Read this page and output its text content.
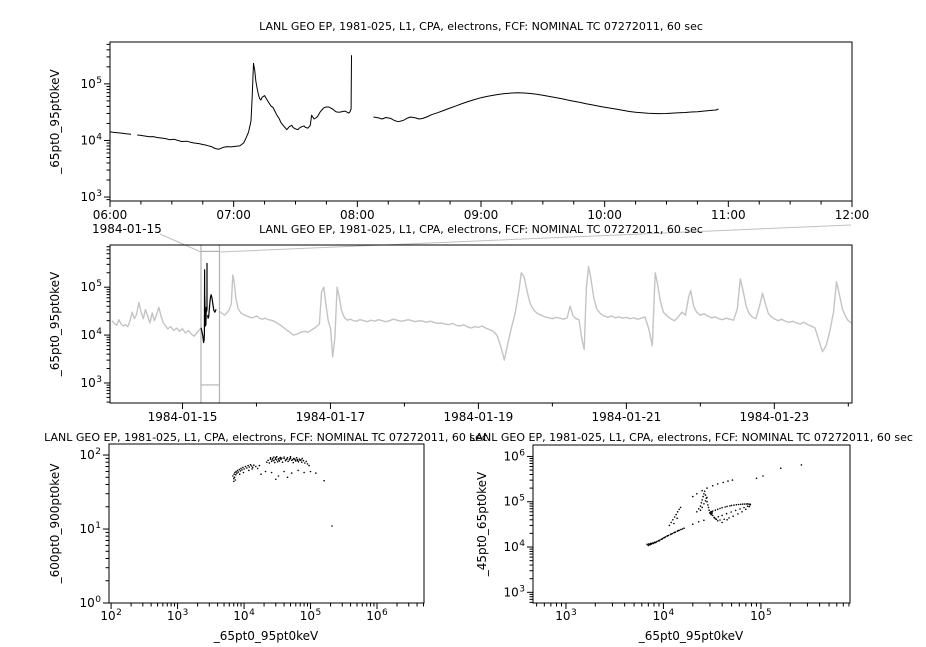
$10^3$
$10^4$
$10^5$
06:00	07:00	08:00	09:00	10:00	11:00	12:00
LANL GEO EP, 1981-025, L1, CPA, electrons, FCF: NOMINAL TC 07272011, 60 sec
_65pt0_95pt0keV
1984-01-15
$10^3$
$10^4$
$10^5$
1984-01-15	1984-01-17	1984-01-19	1984-01-21	1984-01-23
LANL GEO EP, 1981-025, L1, CPA, electrons, FCF: NOMINAL TC 07272011, 60 sec
_65pt0_95pt0keV
$10^0$
$10^1$
$10^2$
$10^2$	$10^3$	$10^4$	$10^5$	$10^6$
LANL GEO EP, 1981-025, L1, CPA, electrons, FCF: NOMINAL TC 07272011, 60 sec
_600pt0_900pt0keV
_65pt0_95pt0keV
$10^3$
$10^4$
$10^5$
$10^6$
$10^3$	$10^4$	$10^5$
LANL GEO EP, 1981-025, L1, CPA, electrons, FCF: NOMINAL TC 07272011, 60 sec
_45pt0_65pt0keV
_65pt0_95pt0keV
